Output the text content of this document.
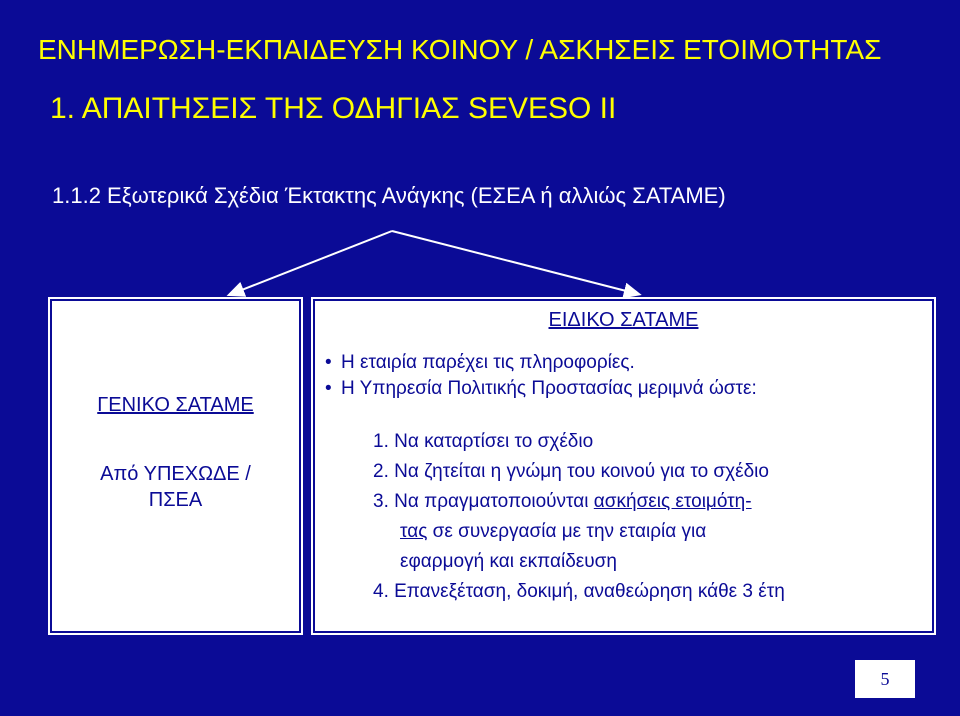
ΕΝΗΜΕΡΩΣΗ-ΕΚΠΑΙΔΕΥΣΗ ΚΟΙΝΟΥ / ΑΣΚΗΣΕΙΣ ΕΤΟΙΜΟΤΗΤΑΣ
1. ΑΠΑΙΤΗΣΕΙΣ ΤΗΣ ΟΔΗΓΙΑΣ SEVESO II
1.1.2 Εξωτερικά Σχέδια Έκτακτης Ανάγκης (ΕΣΕΑ ή αλλιώς ΣΑΤΑΜΕ)
ΓΕΝΙΚΟ ΣΑΤΑΜΕ
Από ΥΠΕΧΩΔΕ / ΠΣΕΑ
ΕΙΔΙΚΟ ΣΑΤΑΜΕ
• Η εταιρία παρέχει τις πληροφορίες.
• Η Υπηρεσία Πολιτικής Προστασίας μεριμνά ώστε:
1. Να καταρτίσει το σχέδιο
2. Να ζητείται η γνώμη του κοινού για το σχέδιο
3. Να πραγματοποιούνται ασκήσεις ετοιμότη-
τας σε συνεργασία με την εταιρία για
εφαρμογή και εκπαίδευση
4. Επανεξέταση, δοκιμή, αναθεώρηση κάθε 3 έτη
5
